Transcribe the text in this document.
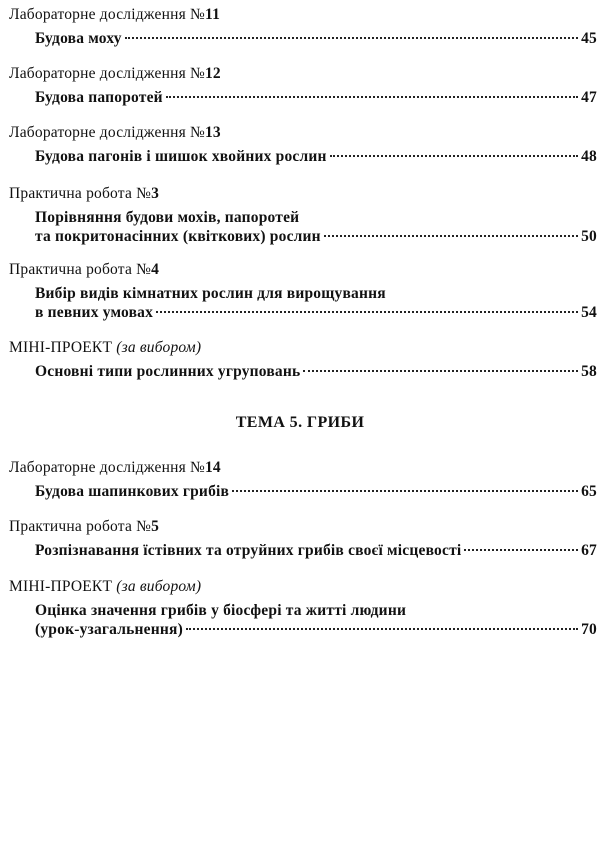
Лабораторне дослідження №11
Будова моху	45
Лабораторне дослідження №12
Будова папоротей	47
Лабораторне дослідження №13
Будова пагонів і шишок хвойних рослин	48
Практична робота №3
Порівняння будови мохів, папоротей
та покритонасінних (квіткових) рослин	50
Практична робота №4
Вибір видів кімнатних рослин для вирощування
в певних умовах	54
МІНІ-ПРОЕКТ (за вибором)
Основні типи рослинних угруповань	58
ТЕМА 5. ГРИБИ
Лабораторне дослідження №14
Будова шапинкових грибів	65
Практична робота №5
Розпізнавання їстівних та отруйних грибів своєї місцевості	67
МІНІ-ПРОЕКТ (за вибором)
Оцінка значення грибів у біосфері та житті людини
(урок-узагальнення)	70
